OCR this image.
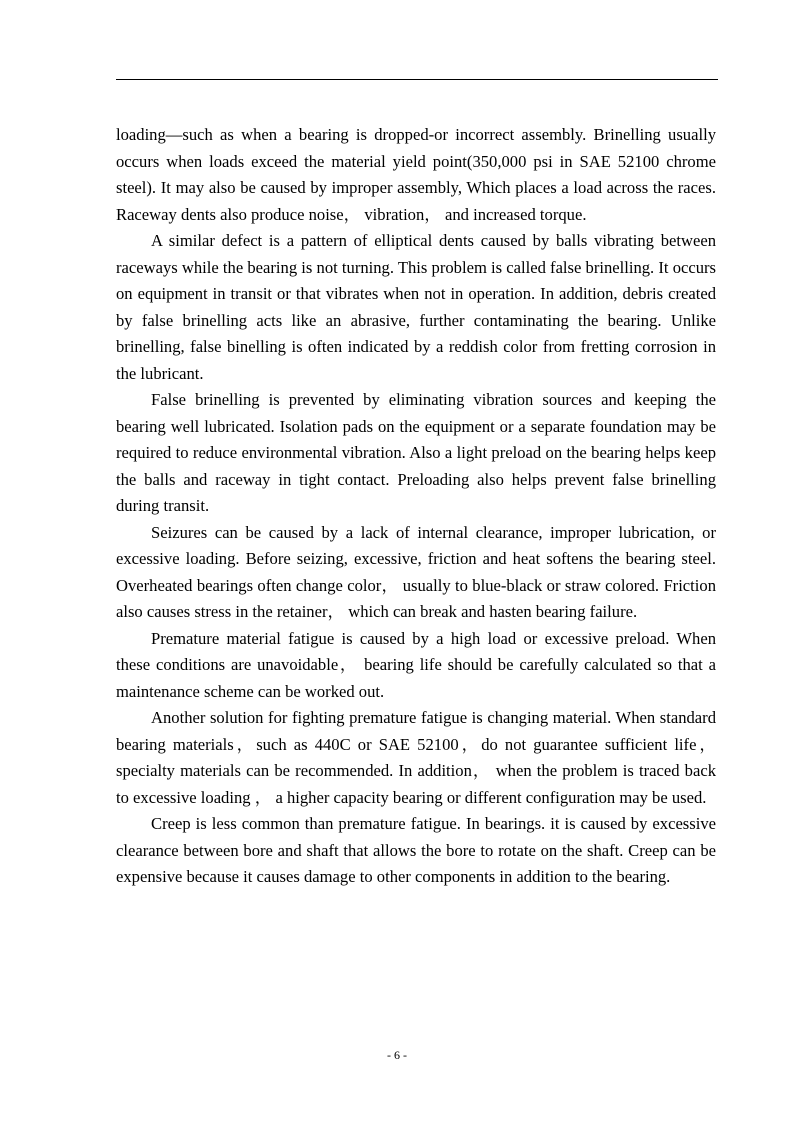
loading—such as when a bearing is dropped-or incorrect assembly. Brinelling usually occurs when loads exceed the material yield point(350,000 psi in SAE 52100 chrome steel). It may also be caused by improper assembly, Which places a load across the races. Raceway dents also produce noise， vibration， and increased torque.

A similar defect is a pattern of elliptical dents caused by balls vibrating between raceways while the bearing is not turning. This problem is called false brinelling. It occurs on equipment in transit or that vibrates when not in operation. In addition, debris created by false brinelling acts like an abrasive, further contaminating the bearing. Unlike brinelling, false binelling is often indicated by a reddish color from fretting corrosion in the lubricant.

False brinelling is prevented by eliminating vibration sources and keeping the bearing well lubricated. Isolation pads on the equipment or a separate foundation may be required to reduce environmental vibration. Also a light preload on the bearing helps keep the balls and raceway in tight contact. Preloading also helps prevent false brinelling during transit.

Seizures can be caused by a lack of internal clearance, improper lubrication, or excessive loading. Before seizing, excessive, friction and heat softens the bearing steel. Overheated bearings often change color， usually to blue-black or straw colored. Friction also causes stress in the retainer， which can break and hasten bearing failure.

Premature material fatigue is caused by a high load or excessive preload. When these conditions are unavoidable， bearing life should be carefully calculated so that a maintenance scheme can be worked out.

Another solution for fighting premature fatigue is changing material. When standard bearing materials，such as 440C or SAE 52100，do not guarantee sufficient life， specialty materials can be recommended. In addition， when the problem is traced back to excessive loading ， a higher capacity bearing or different configuration may be used.

Creep is less common than premature fatigue. In bearings. it is caused by excessive clearance between bore and shaft that allows the bore to rotate on the shaft. Creep can be expensive because it causes damage to other components in addition to the bearing.

- 6 -
